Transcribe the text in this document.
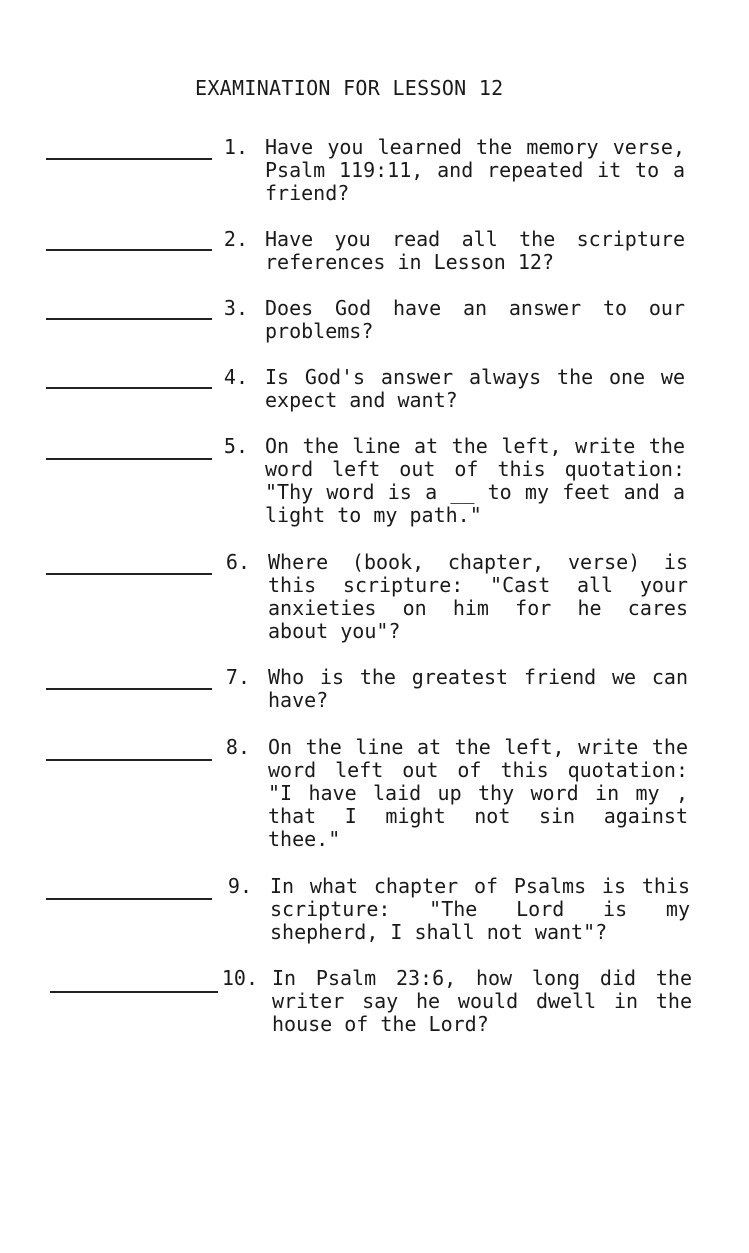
EXAMINATION FOR LESSON 12
1. Have you learned the memory verse, Psalm 119:11, and repeated it to a friend?
2. Have you read all the scripture references in Lesson 12?
3. Does God have an answer to our problems?
4. Is God's answer always the one we expect and want?
5. On the line at the left, write the word left out of this quotation: "Thy word is a __ to my feet and a light to my path."
6. Where (book, chapter, verse) is this scripture: "Cast all your anxieties on him for he cares about you"?
7. Who is the greatest friend we can have?
8. On the line at the left, write the word left out of this quotation: "I have laid up thy word in my , that I might not sin against thee."
9. In what chapter of Psalms is this scripture: "The Lord is my shepherd, I shall not want"?
10. In Psalm 23:6, how long did the writer say he would dwell in the house of the Lord?
